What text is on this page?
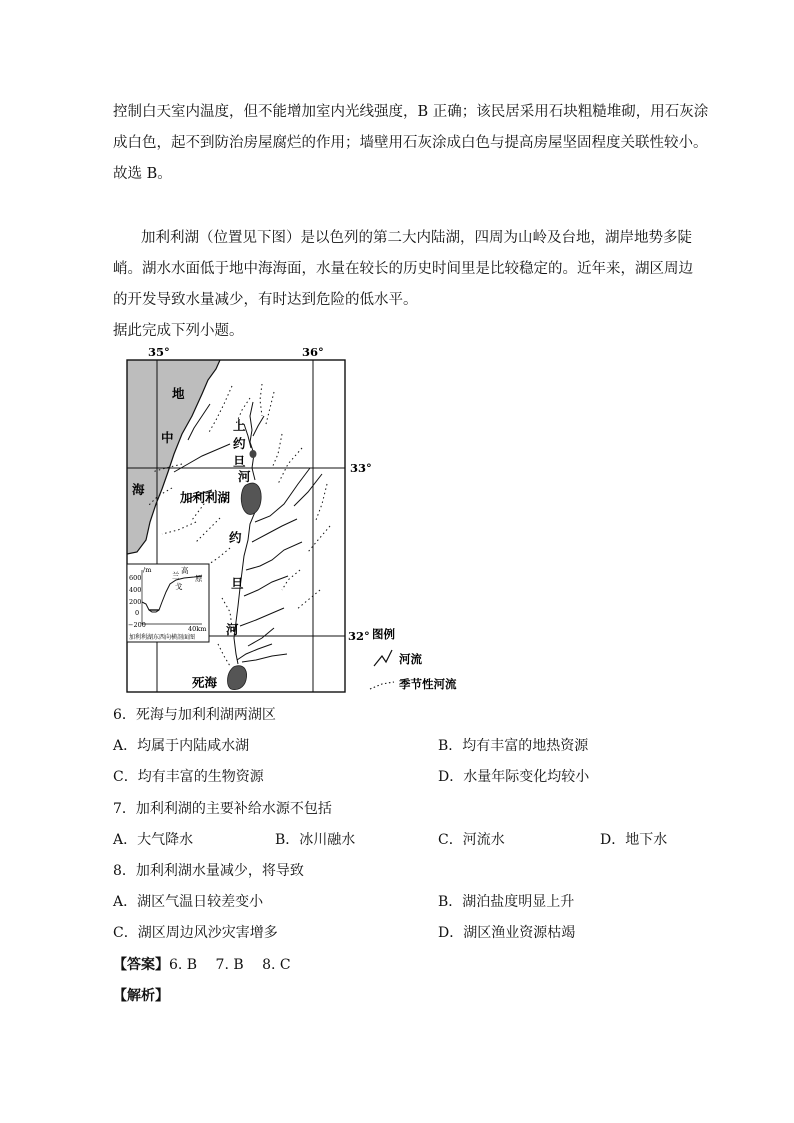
控制白天室内温度，但不能增加室内光线强度，B 正确；该民居采用石块粗糙堆砌，用石灰涂
成白色，起不到防治房屋腐烂的作用；墙壁用石灰涂成白色与提高房屋坚固程度关联性较小。
故选 B。
加利利湖（位置见下图）是以色列的第二大内陆湖，四周为山岭及台地，湖岸地势多陡
峭。湖水水面低于地中海海面，水量在较长的历史时间里是比较稳定的。近年来，湖区周边
的开发导致水量减少，有时达到危险的低水平。
据此完成下列小题。
35°	36°
33°
32°
地
中
海
上
约
旦
河
加利利湖
约
旦
河
死海
/m
600
400
200
0
−200
戈
兰
高
原
40km
加利利湖东西向横剖面图	图例
河流
季节性河流
6．死海与加利利湖两湖区
A．均属于内陆咸水湖	B．均有丰富的地热资源
C．均有丰富的生物资源	D．水量年际变化均较小
7．加利利湖的主要补给水源不包括
A．大气降水	B．冰川融水	C．河流水	D．地下水
8．加利利湖水量减少，将导致
A．湖区气温日较差变小	B．湖泊盐度明显上升
C．湖区周边风沙灾害增多	D．湖区渔业资源枯竭
【答案】6. B　 7. B　 8. C
【解析】
